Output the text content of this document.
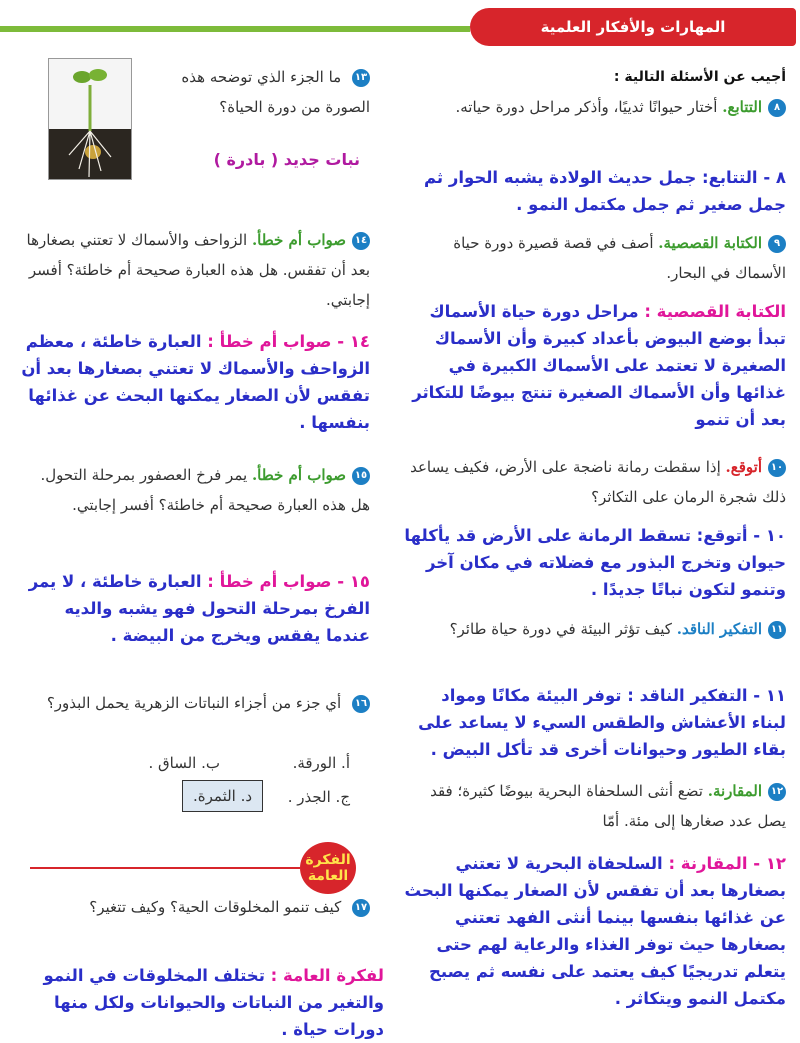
المهارات والأفكار العلمية
أجيب عن الأسئلة التالية :
٨التتابع. أختار حيوانًا ثدييًا، وأذكر مراحل دورة حياته.
٨ - التتابع: جمل حديث الولادة يشبه الحوار ثم جمل صغير ثم جمل مكتمل النمو .
٩الكتابة القصصية. أصف في قصة قصيرة دورة حياة الأسماك في البحار.
الكتابة القصصية : مراحل دورة حياة الأسماك تبدأ بوضع البيوض بأعداد كبيرة وأن الأسماك الصغيرة لا تعتمد على الأسماك الكبيرة في غذائها وأن الأسماك الصغيرة تنتج بيوضًا للتكاثر بعد أن تنمو
١٠أتوقع. إذا سقطت رمانة ناضجة على الأرض، فكيف يساعد ذلك شجرة الرمان على التكاثر؟
١٠ - أتوقع: تسقط الرمانة على الأرض قد يأكلها حيوان وتخرج البذور مع فضلاته في مكان آخر وتنمو لتكون نباتًا جديدًا .
١١التفكير الناقد. كيف تؤثر البيئة في دورة حياة طائر؟
١١ - التفكير الناقد : توفر البيئة مكانًا ومواد لبناء الأعشاش والطقس السيء لا يساعد على بقاء الطيور وحيوانات أخرى قد تأكل البيض .
١٢المقارنة. تضع أنثى السلحفاة البحرية بيوضًا كثيرة؛ فقد يصل عدد صغارها إلى مئة. أمّا
١٢ - المقارنة : السلحفاة البحرية لا تعتني بصغارها بعد أن تفقس لأن الصغار يمكنها البحث عن غذائها بنفسها بينما أنثى الفهد تعتني بصغارها حيث توفر الغذاء والرعاية لهم حتى يتعلم تدريجيًا كيف يعتمد على نفسه ثم يصبح مكتمل النمو ويتكاثر .
١٣ ما الجزء الذي توضحه هذه الصورة من دورة الحياة؟
نبات جديد ( بادرة )
١٤صواب أم خطأ. الزواحف والأسماك لا تعتني بصغارها بعد أن تفقس. هل هذه العبارة صحيحة أم خاطئة؟ أفسر إجابتي.
١٤ - صواب أم خطأ : العبارة خاطئة ، معظم الزواحف والأسماك لا تعتني بصغارها بعد أن تفقس لأن الصغار يمكنها البحث عن غذائها بنفسها .
١٥صواب أم خطأ. يمر فرخ العصفور بمرحلة التحول. هل هذه العبارة صحيحة أم خاطئة؟ أفسر إجابتي.
١٥ - صواب أم خطأ : العبارة خاطئة ، لا يمر الفرخ بمرحلة التحول فهو يشبه والديه عندما يفقس ويخرج من البيضة .
١٦ أي جزء من أجزاء النباتات الزهرية يحمل البذور؟
أ. الورقة.
ب. الساق .
ج. الجذر .
د. الثمرة.
الفكرة العامة
١٧ كيف تنمو المخلوقات الحية؟ وكيف تتغير؟
لفكرة العامة : تختلف المخلوقات في النمو والتغير من النباتات والحيوانات ولكل منها دورات حياة .
